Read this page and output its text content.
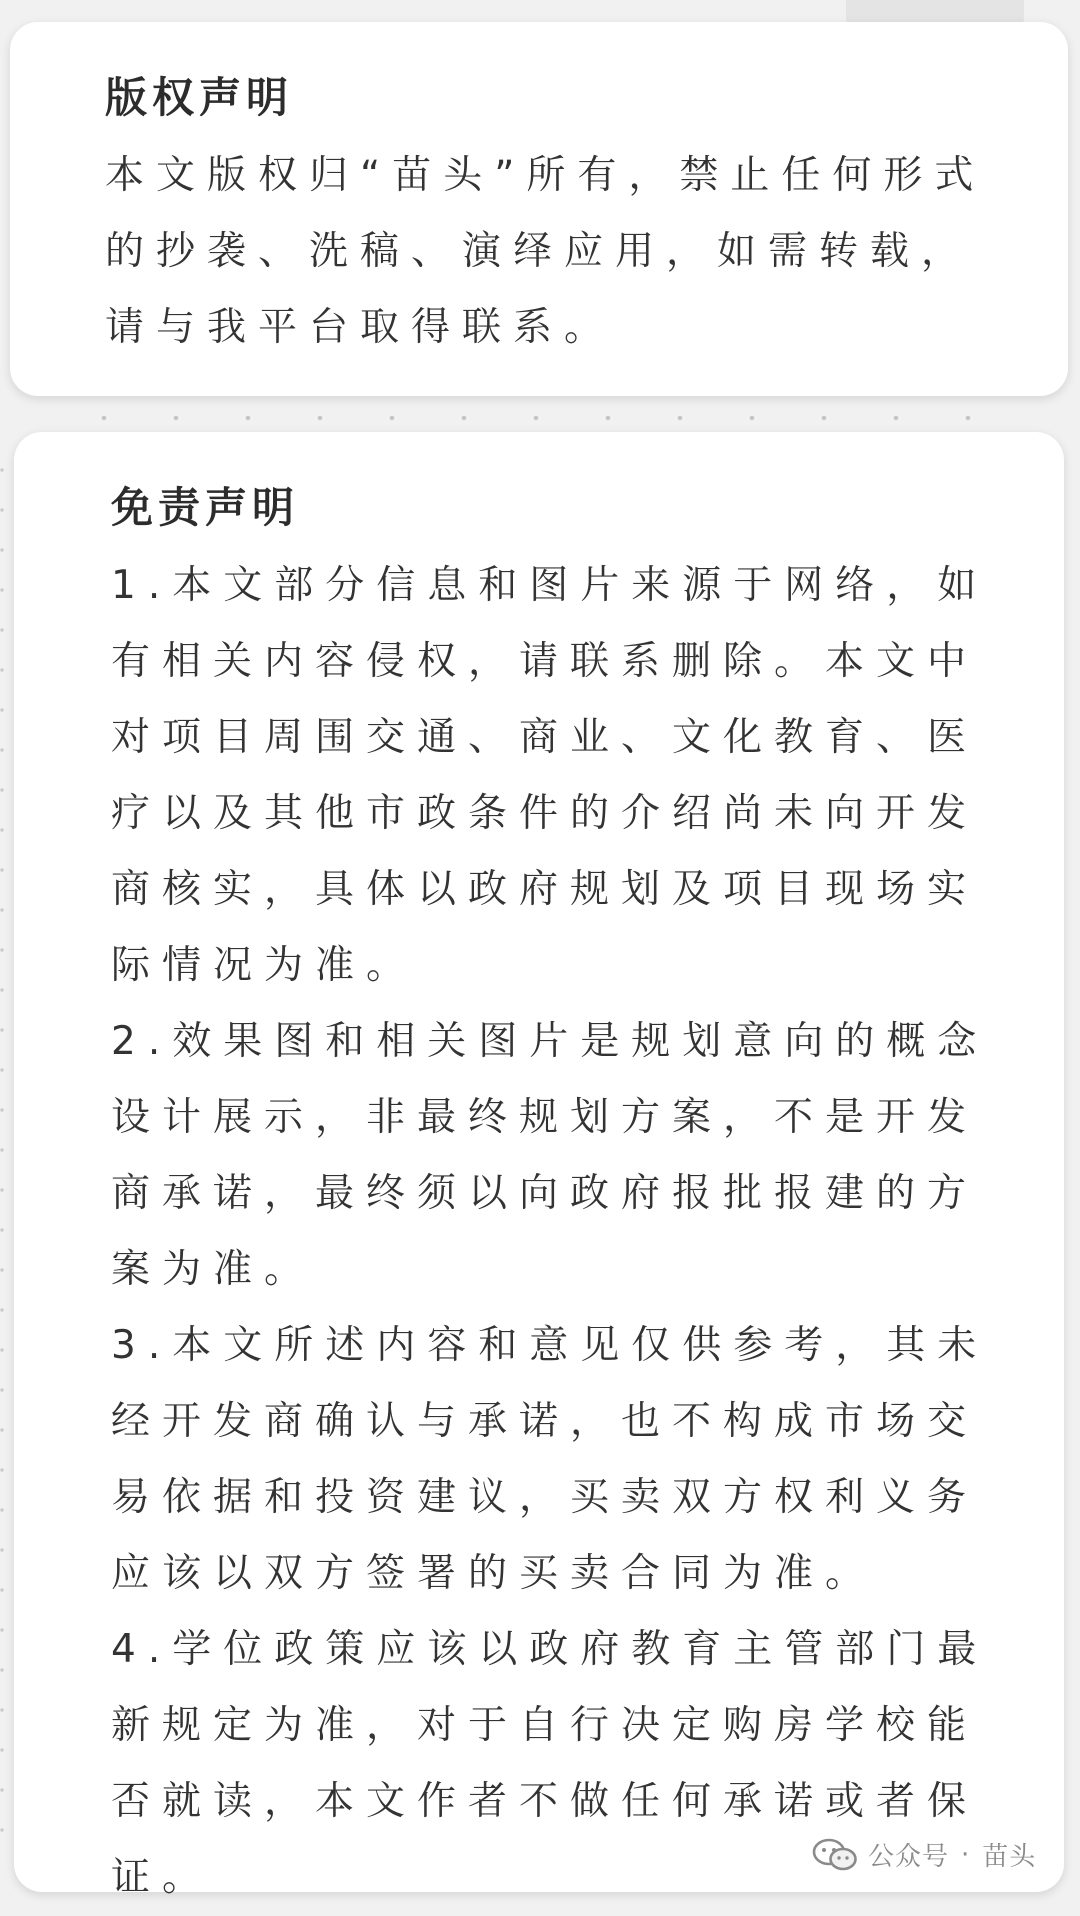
版权声明

本文版权归“苗头”所有，禁止任何形式

的抄袭、洗稿、演绎应用，如需转载，

请与我平台取得联系。

免责声明

1.本文部分信息和图片来源于网络，如

有相关内容侵权，请联系删除。本文中

对项目周围交通、商业、文化教育、医

疗以及其他市政条件的介绍尚未向开发

商核实，具体以政府规划及项目现场实

际情况为准。

2.效果图和相关图片是规划意向的概念

设计展示，非最终规划方案，不是开发

商承诺，最终须以向政府报批报建的方

案为准。

3.本文所述内容和意见仅供参考，其未

经开发商确认与承诺，也不构成市场交

易依据和投资建议，买卖双方权利义务

应该以双方签署的买卖合同为准。

4.学位政策应该以政府教育主管部门最

新规定为准，对于自行决定购房学校能

否就读，本文作者不做任何承诺或者保

证。	公众号 · 苗头
